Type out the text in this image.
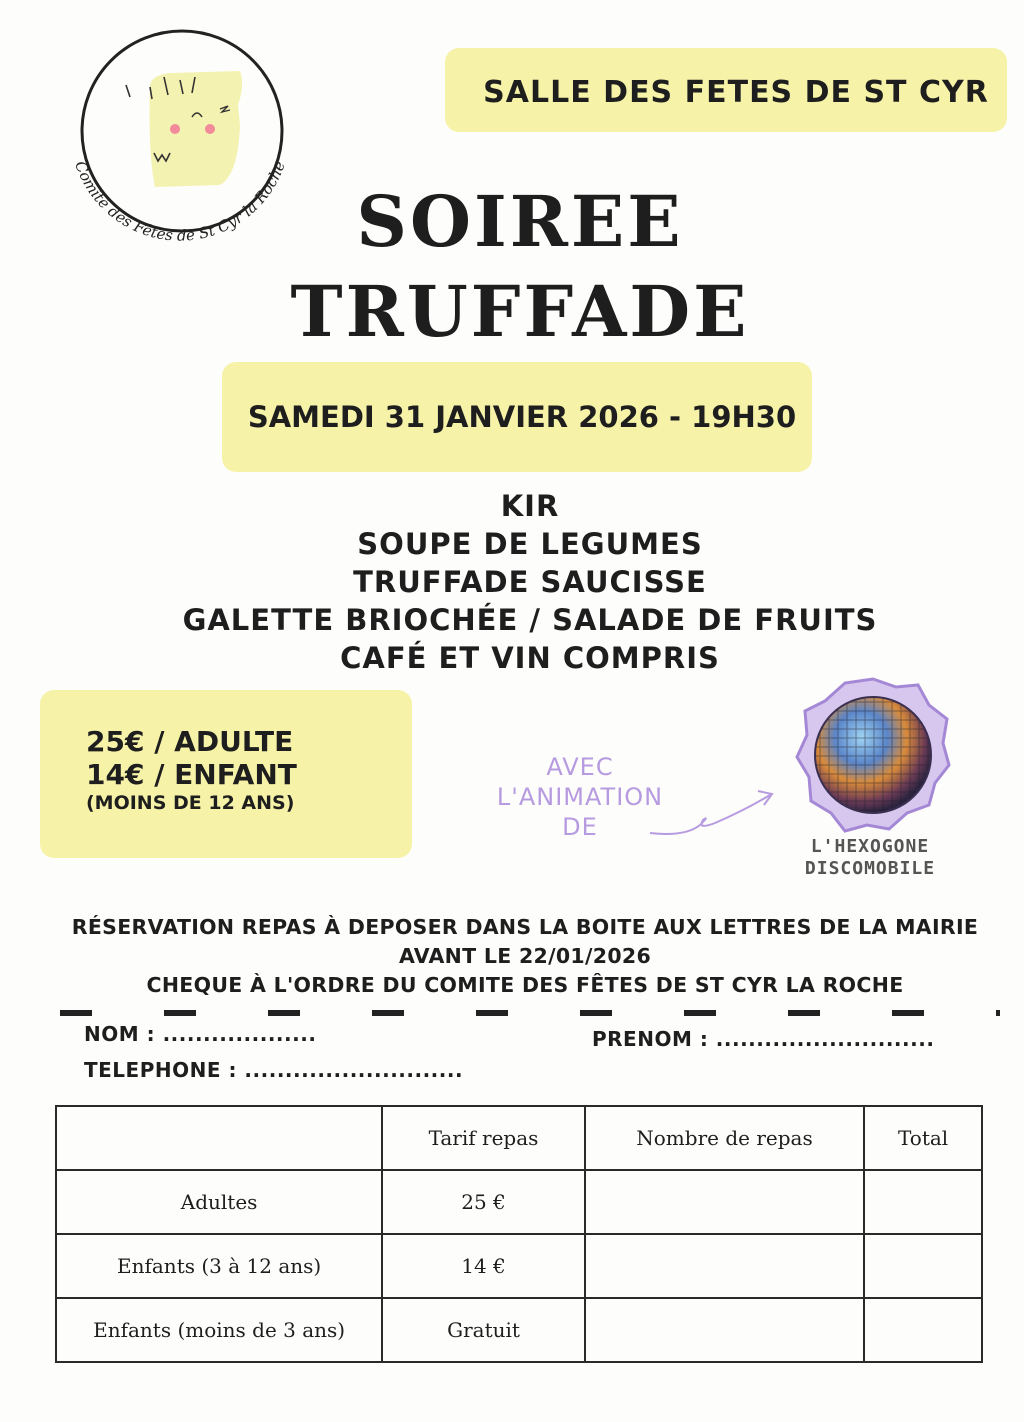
Comité des Fêtes de St Cyr la Roche
SALLE DES FETES DE ST CYR
SOIREE
TRUFFADE
SAMEDI 31 JANVIER 2026 - 19H30
KIR
SOUPE DE LEGUMES
TRUFFADE SAUCISSE
GALETTE BRIOCHÉE / SALADE DE FRUITS
CAFÉ ET VIN COMPRIS
25€ / ADULTE
14€ / ENFANT
(MOINS DE 12 ANS)
AVEC
L'ANIMATION
DE
L'HEXOGONE
DISCOMOBILE
RÉSERVATION REPAS À DEPOSER DANS LA BOITE AUX LETTRES DE LA MAIRIE
AVANT LE 22/01/2026
CHEQUE À L'ORDRE DU COMITE DES FÊTES DE ST CYR LA ROCHE
NOM : ...................	PRENOM : ...........................
TELEPHONE : ...........................
	Tarif repas	Nombre de repas	Total
Adultes	25 €		
Enfants (3 à 12 ans)	14 €		
Enfants (moins de 3 ans)	Gratuit		
